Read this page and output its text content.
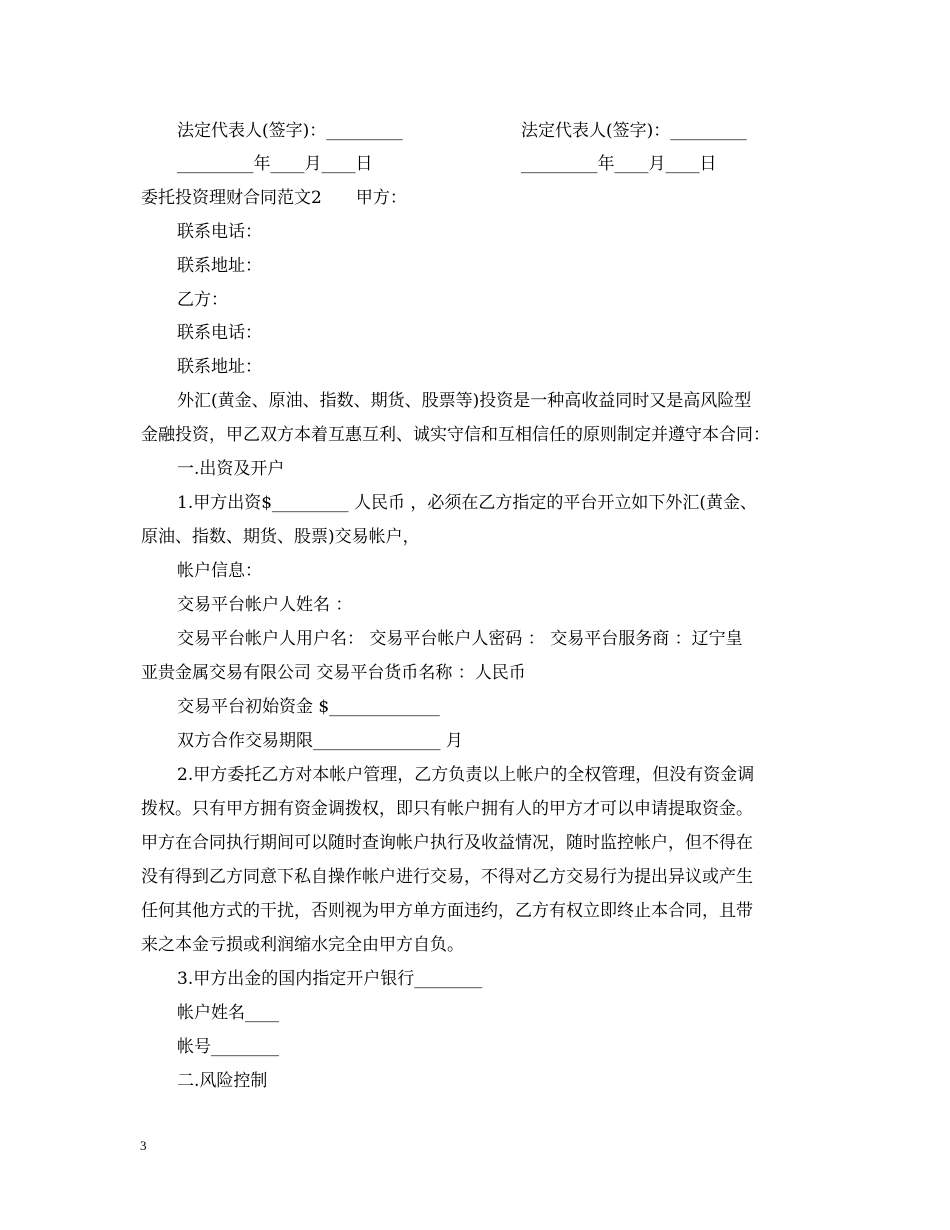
法定代表人(签字)：_________	法定代表人(签字)：_________
_________年____月____日	_________年____月____日
委托投资理财合同范文2　　甲方：
联系电话：
联系地址：
乙方：
联系电话：
联系地址：
外汇(黄金、原油、指数、期货、股票等)投资是一种高收益同时又是高风险型
金融投资，甲乙双方本着互惠互利、诚实守信和互相信任的原则制定并遵守本合同：
一.出资及开户
1.甲方出资$_________ 人民币 ，必须在乙方指定的平台开立如下外汇(黄金、
原油、指数、期货、股票)交易帐户，
帐户信息：
交易平台帐户人姓名 ：
交易平台帐户人用户名： 交易平台帐户人密码 ： 交易平台服务商 ：辽宁皇
亚贵金属交易有限公司 交易平台货币名称 ：人民币
交易平台初始资金 $_____________
双方合作交易期限_______________ 月
2.甲方委托乙方对本帐户管理，乙方负责以上帐户的全权管理，但没有资金调
拨权。只有甲方拥有资金调拨权，即只有帐户拥有人的甲方才可以申请提取资金。
甲方在合同执行期间可以随时查询帐户执行及收益情况，随时监控帐户，但不得在
没有得到乙方同意下私自操作帐户进行交易，不得对乙方交易行为提出异议或产生
任何其他方式的干扰，否则视为甲方单方面违约，乙方有权立即终止本合同，且带
来之本金亏损或利润缩水完全由甲方自负。
3.甲方出金的国内指定开户银行________
帐户姓名____
帐号________
二.风险控制
3
